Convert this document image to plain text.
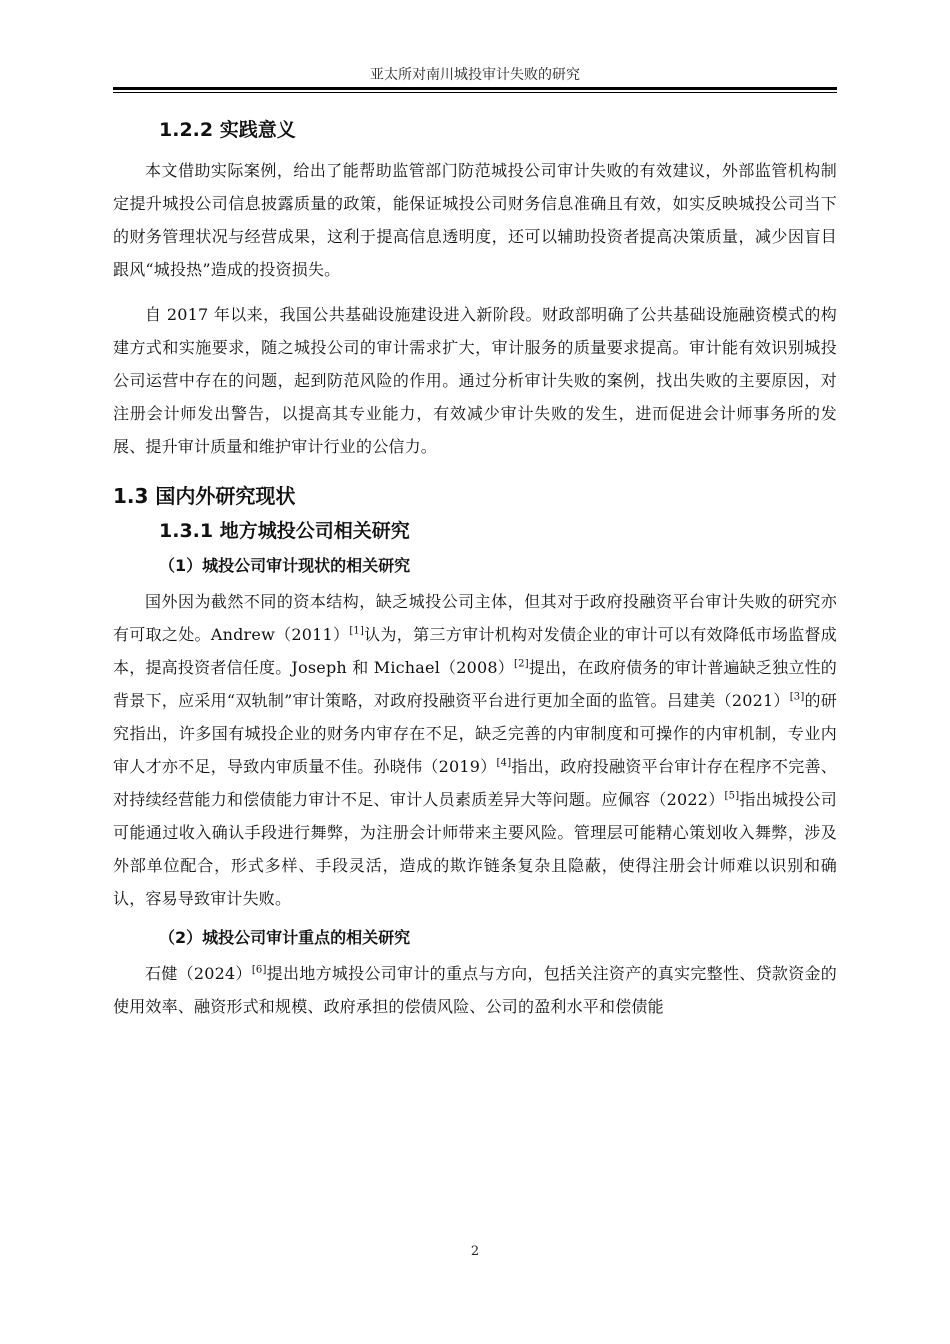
亚太所对南川城投审计失败的研究
1.2.2 实践意义

本文借助实际案例，给出了能帮助监管部门防范城投公司审计失败的有效建议，外部监管机构制定提升城投公司信息披露质量的政策，能保证城投公司财务信息准确且有效，如实反映城投公司当下的财务管理状况与经营成果，这利于提高信息透明度，还可以辅助投资者提高决策质量，减少因盲目跟风“城投热”造成的投资损失。

自 2017 年以来，我国公共基础设施建设进入新阶段。财政部明确了公共基础设施融资模式的构建方式和实施要求，随之城投公司的审计需求扩大，审计服务的质量要求提高。审计能有效识别城投公司运营中存在的问题，起到防范风险的作用。通过分析审计失败的案例，找出失败的主要原因，对注册会计师发出警告，以提高其专业能力，有效减少审计失败的发生，进而促进会计师事务所的发展、提升审计质量和维护审计行业的公信力。

1.3 国内外研究现状
1.3.1 地方城投公司相关研究
（1）城投公司审计现状的相关研究

国外因为截然不同的资本结构，缺乏城投公司主体，但其对于政府投融资平台审计失败的研究亦有可取之处。Andrew（2011）[1]认为，第三方审计机构对发债企业的审计可以有效降低市场监督成本，提高投资者信任度。Joseph 和 Michael（2008）[2]提出，在政府债务的审计普遍缺乏独立性的背景下，应采用“双轨制”审计策略，对政府投融资平台进行更加全面的监管。吕建美（2021）[3]的研究指出，许多国有城投企业的财务内审存在不足，缺乏完善的内审制度和可操作的内审机制，专业内审人才亦不足，导致内审质量不佳。孙晓伟（2019）[4]指出，政府投融资平台审计存在程序不完善、对持续经营能力和偿债能力审计不足、审计人员素质差异大等问题。应佩容（2022）[5]指出城投公司可能通过收入确认手段进行舞弊，为注册会计师带来主要风险。管理层可能精心策划收入舞弊，涉及外部单位配合，形式多样、手段灵活，造成的欺诈链条复杂且隐蔽，使得注册会计师难以识别和确认，容易导致审计失败。

（2）城投公司审计重点的相关研究

石健（2024）[6]提出地方城投公司审计的重点与方向，包括关注资产的真实完整性、贷款资金的使用效率、融资形式和规模、政府承担的偿债风险、公司的盈利水平和偿债能

2
